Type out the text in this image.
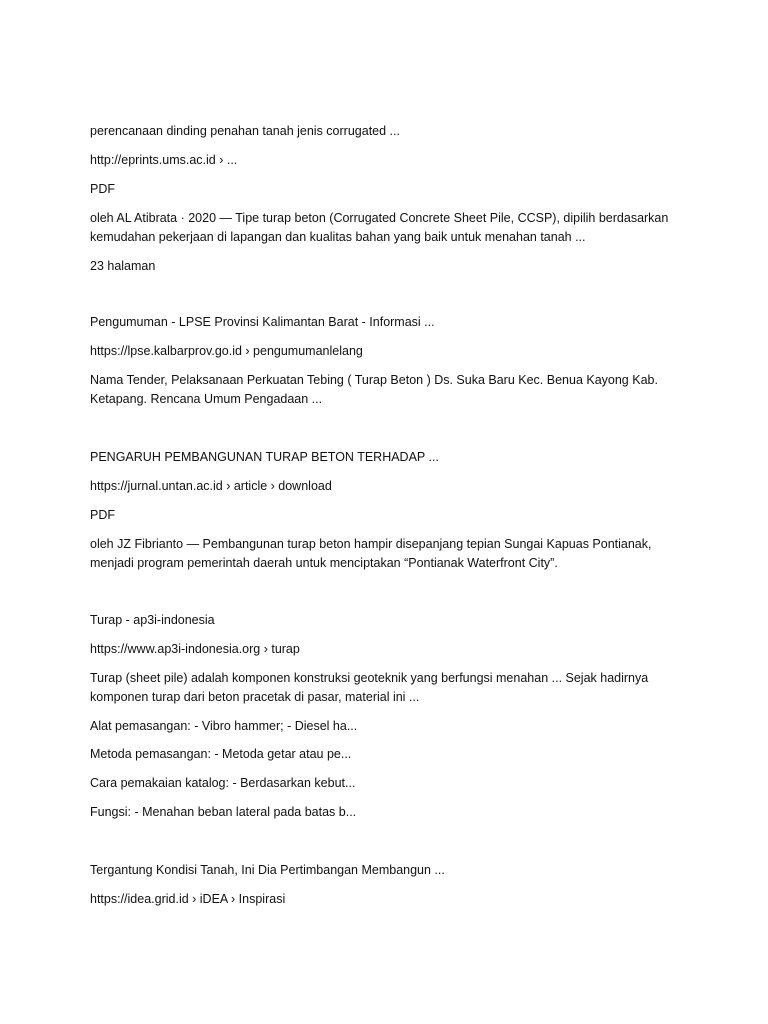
perencanaan dinding penahan tanah jenis corrugated ...
http://eprints.ums.ac.id › ...
PDF
oleh AL Atibrata · 2020 — Tipe turap beton (Corrugated Concrete Sheet Pile, CCSP), dipilih berdasarkan
kemudahan pekerjaan di lapangan dan kualitas bahan yang baik untuk menahan tanah ...
23 halaman
Pengumuman - LPSE Provinsi Kalimantan Barat - Informasi ...
https://lpse.kalbarprov.go.id › pengumumanlelang
Nama Tender, Pelaksanaan Perkuatan Tebing ( Turap Beton ) Ds. Suka Baru Kec. Benua Kayong Kab.
Ketapang. Rencana Umum Pengadaan ...
PENGARUH PEMBANGUNAN TURAP BETON TERHADAP ...
https://jurnal.untan.ac.id › article › download
PDF
oleh JZ Fibrianto — Pembangunan turap beton hampir disepanjang tepian Sungai Kapuas Pontianak,
menjadi program pemerintah daerah untuk menciptakan “Pontianak Waterfront City”.
Turap - ap3i-indonesia
https://www.ap3i-indonesia.org › turap
Turap (sheet pile) adalah komponen konstruksi geoteknik yang berfungsi menahan ... Sejak hadirnya
komponen turap dari beton pracetak di pasar, material ini ...
Alat pemasangan: - Vibro hammer; - Diesel ha...
Metoda pemasangan: - Metoda getar atau pe...
Cara pemakaian katalog: - Berdasarkan kebut...
Fungsi: - Menahan beban lateral pada batas b...
Tergantung Kondisi Tanah, Ini Dia Pertimbangan Membangun ...
https://idea.grid.id › iDEA › Inspirasi
